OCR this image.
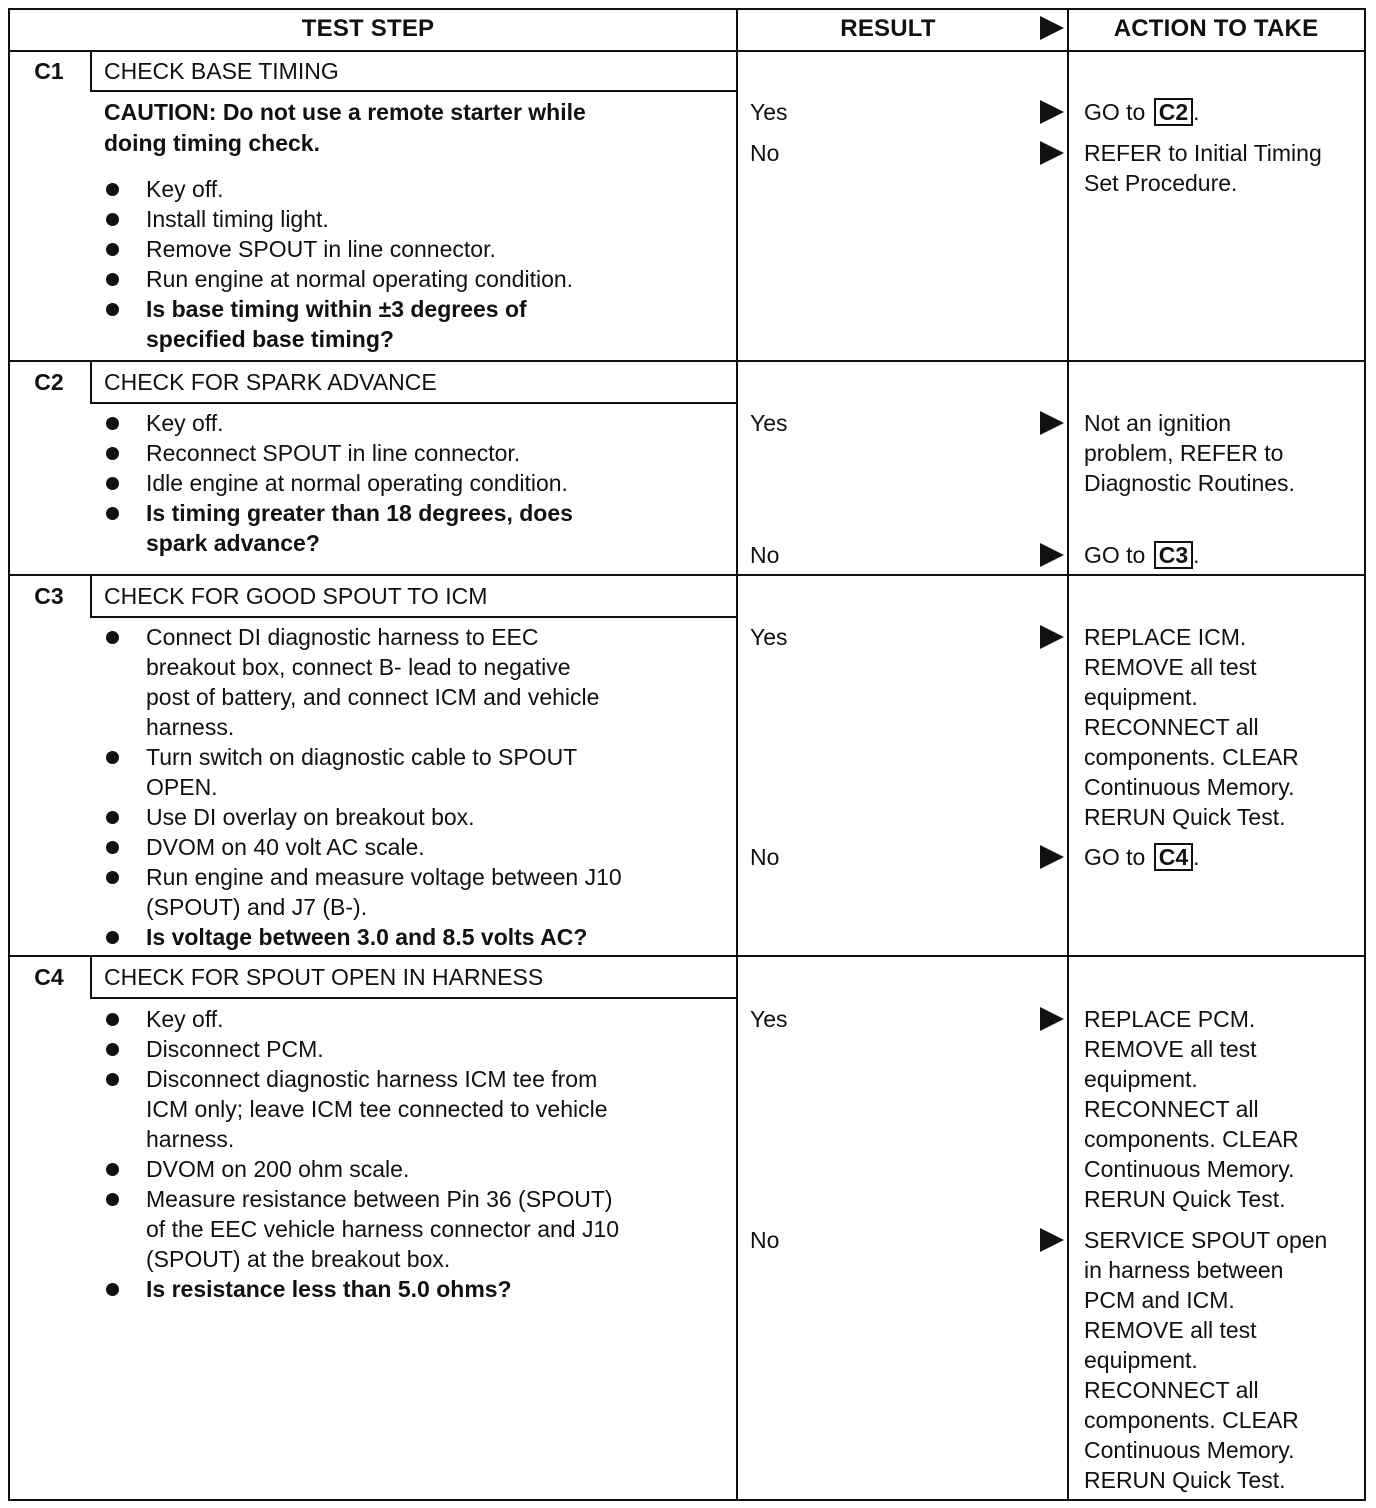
TEST STEP	RESULT	ACTION TO TAKE
C1	CHECK BASE TIMING
CAUTION: Do not use a remote starter while
doing timing check.
Key off.
Install timing light.
Remove SPOUT in line connector.
Run engine at normal operating condition.
Is base timing within ±3 degrees of
specified base timing?
Yes	GO to C2 .
No	REFER to Initial Timing
Set Procedure.
C2	CHECK FOR SPARK ADVANCE
Key off.
Reconnect SPOUT in line connector.
Idle engine at normal operating condition.
Is timing greater than 18 degrees, does
spark advance?
Yes	Not an ignition
problem, REFER to
Diagnostic Routines.
No	GO to C3 .
C3	CHECK FOR GOOD SPOUT TO ICM
Connect DI diagnostic harness to EEC
breakout box, connect B- lead to negative
post of battery, and connect ICM and vehicle
harness.
Turn switch on diagnostic cable to SPOUT
OPEN.
Use DI overlay on breakout box.
DVOM on 40 volt AC scale.
Run engine and measure voltage between J10
(SPOUT) and J7 (B-).
Is voltage between 3.0 and 8.5 volts AC?
Yes	REPLACE ICM.
REMOVE all test
equipment.
RECONNECT all
components. CLEAR
Continuous Memory.
RERUN Quick Test.
No	GO to C4 .
C4	CHECK FOR SPOUT OPEN IN HARNESS
Key off.
Disconnect PCM.
Disconnect diagnostic harness ICM tee from
ICM only; leave ICM tee connected to vehicle
harness.
DVOM on 200 ohm scale.
Measure resistance between Pin 36 (SPOUT)
of the EEC vehicle harness connector and J10
(SPOUT) at the breakout box.
Is resistance less than 5.0 ohms?
Yes	REPLACE PCM.
REMOVE all test
equipment.
RECONNECT all
components. CLEAR
Continuous Memory.
RERUN Quick Test.
No	SERVICE SPOUT open
in harness between
PCM and ICM.
REMOVE all test
equipment.
RECONNECT all
components. CLEAR
Continuous Memory.
RERUN Quick Test.
